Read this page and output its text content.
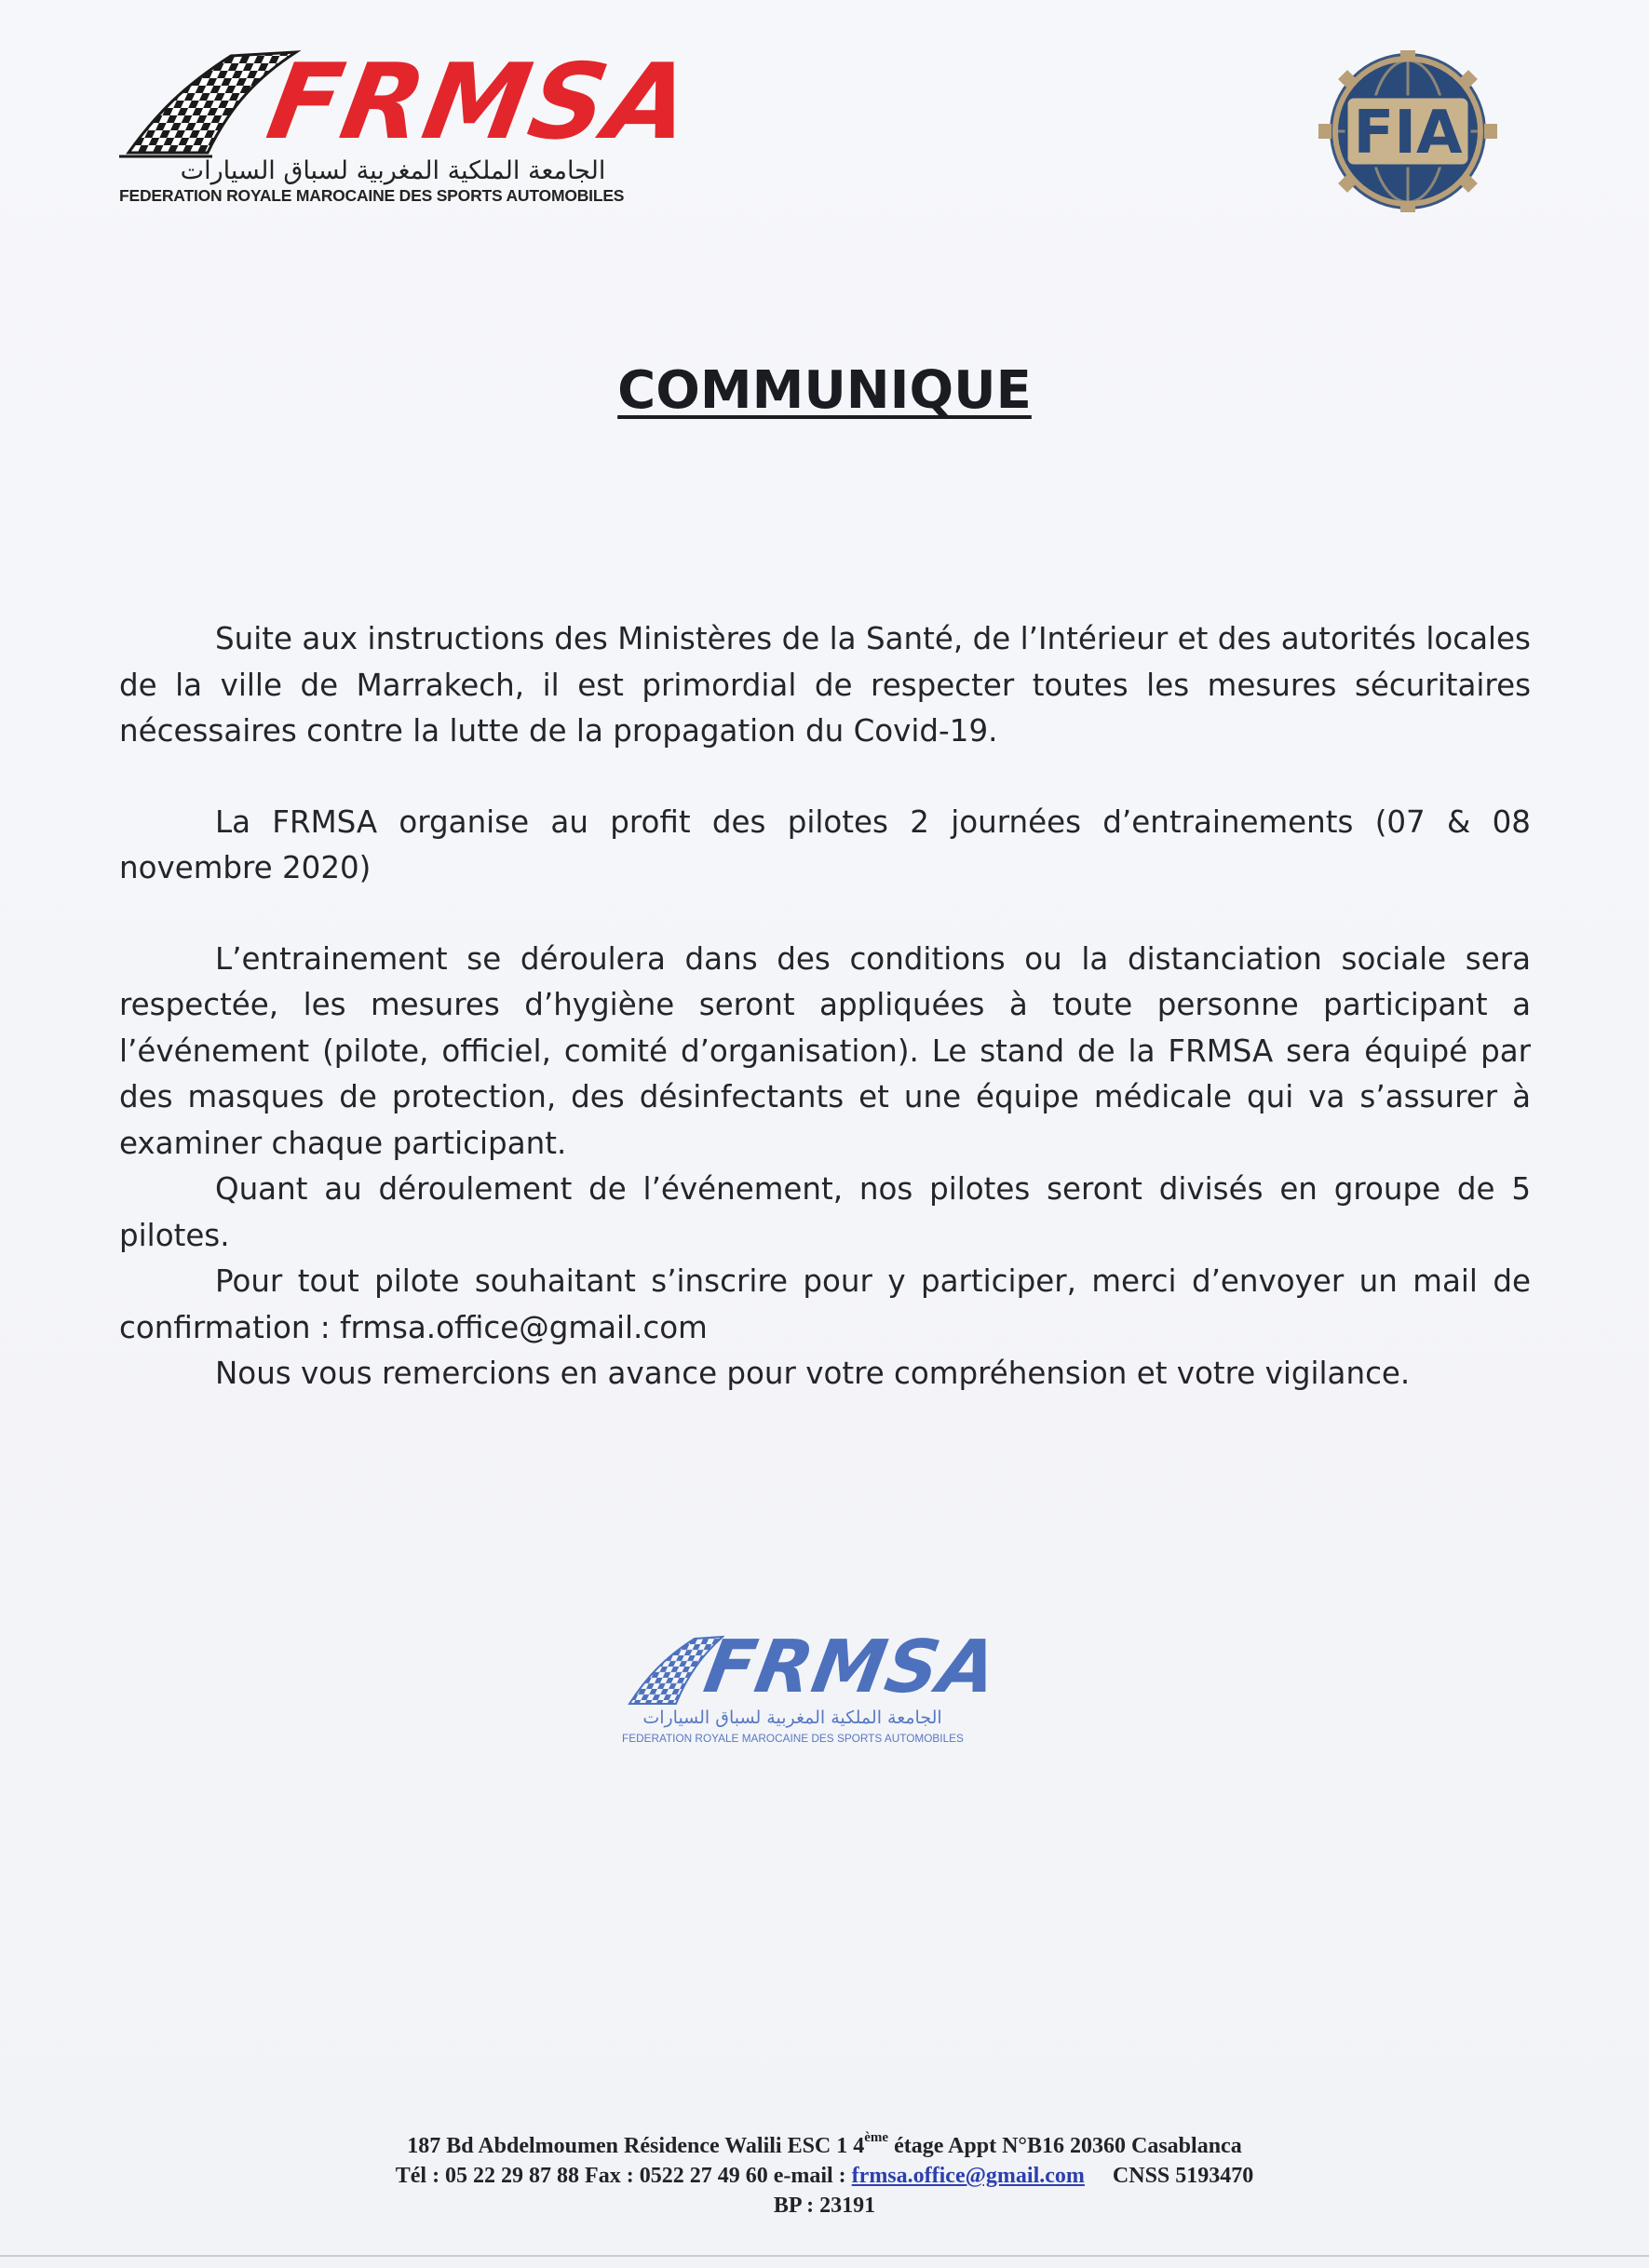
FRMSA
الجامعة الملكية المغربية لسباق السيارات
FEDERATION ROYALE MAROCAINE DES SPORTS AUTOMOBILES
FIA
COMMUNIQUE

Suite aux instructions des Ministères de la Santé, de l’Intérieur et des autorités locales de la ville de Marrakech, il est primordial de respecter toutes les mesures sécuritaires nécessaires contre la lutte de la propagation du Covid-19.

La FRMSA organise au profit des pilotes 2 journées d’entrainements (07 & 08 novembre 2020)

L’entrainement se déroulera dans des conditions ou la distanciation sociale sera respectée, les mesures d’hygiène seront appliquées à toute personne participant a l’événement (pilote, officiel, comité d’organisation). Le stand de la FRMSA sera équipé par des masques de protection, des désinfectants et une équipe médicale qui va s’assurer à examiner chaque participant.

Quant au déroulement de l’événement, nos pilotes seront divisés en groupe de 5 pilotes.

Pour tout pilote souhaitant s’inscrire pour y participer, merci d’envoyer un mail de confirmation : frmsa.office@gmail.com

Nous vous remercions en avance pour votre compréhension et votre vigilance.

FRMSA
الجامعة الملكية المغربية لسباق السيارات
FEDERATION ROYALE MAROCAINE DES SPORTS AUTOMOBILES
187 Bd Abdelmoumen Résidence Walili ESC 1 4ème étage Appt N°B16 20360 Casablanca
Tél : 05 22 29 87 88 Fax : 0522 27 49 60 e-mail : frmsa.office@gmail.com CNSS 5193470
BP : 23191
